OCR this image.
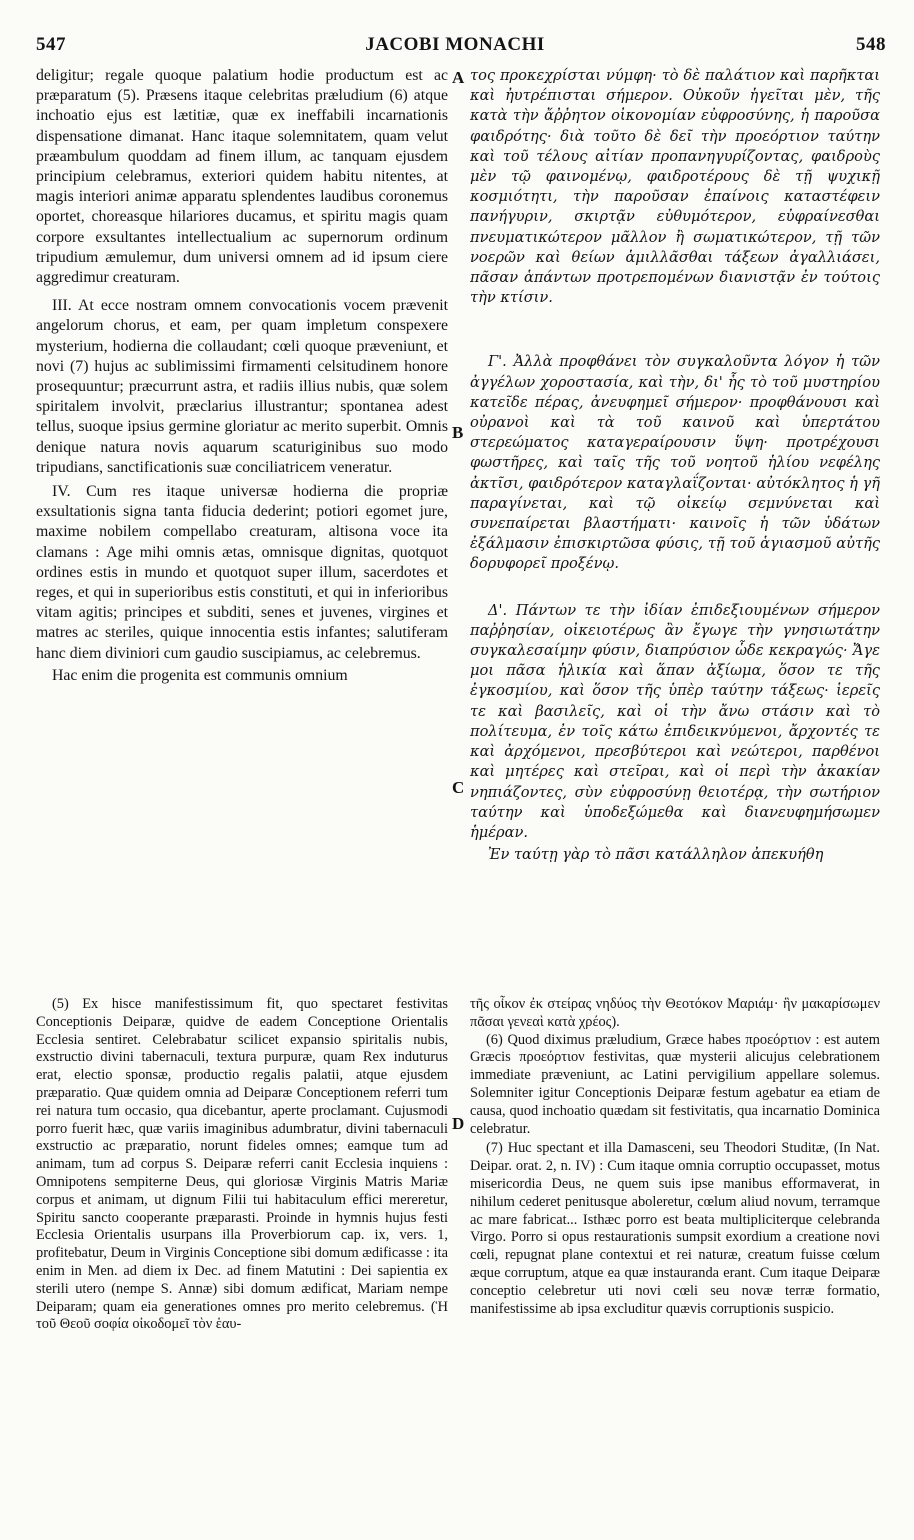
547	JACOBI MONACHI	548
A
B
C
D

deligitur; regale quoque palatium hodie productum est ac præparatum (5). Præsens itaque celebritas præludium (6) atque inchoatio ejus est lætitiæ, quæ ex ineffabili incarnationis dispensatione dimanat. Hanc itaque solemnitatem, quam velut præambulum quoddam ad finem illum, ac tanquam ejusdem principium celebramus, exteriori quidem habitu nitentes, at magis interiori animæ apparatu splendentes laudibus coronemus oportet, choreasque hilariores ducamus, et spiritu magis quam corpore exsultantes intellectualium ac supernorum ordinum tripudium æmulemur, dum universi omnem ad id ipsum ciere aggredimur creaturam.

III. At ecce nostram omnem convocationis vocem prævenit angelorum chorus, et eam, per quam impletum conspexere mysterium, hodierna die collaudant; cœli quoque præveniunt, et novi (7) hujus ac sublimissimi firmamenti celsitudinem honore prosequuntur; præcurrunt astra, et radiis illius nubis, quæ solem spiritalem involvit, præclarius illustrantur; spontanea adest tellus, suoque ipsius germine gloriatur ac merito superbit. Omnis denique natura novis aquarum scaturiginibus suo modo tripudians, sanctificationis suæ conciliatricem veneratur.

IV. Cum res itaque universæ hodierna die propriæ exsultationis signa tanta fiducia dederint; potiori egomet jure, maxime nobilem compellabo creaturam, altisona voce ita clamans : Age mihi omnis ætas, omnisque dignitas, quotquot ordines estis in mundo et quotquot super illum, sacerdotes et reges, et qui in superioribus estis constituti, et qui in inferioribus vitam agitis; principes et subditi, senes et juvenes, virgines et matres ac steriles, quique innocentia estis infantes; salutiferam hanc diem diviniori cum gaudio suscipiamus, ac celebremus.

Hac enim die progenita est communis omnium

τος προκεχρίσται νύμφη· τὸ δὲ παλάτιον καὶ παρῆκται καὶ ἠυτρέπισται σήμερον. Οὐκοῦν ἡγεῖται μὲν, τῆς κατὰ τὴν ἄῤῥητον οἰκονομίαν εὐφροσύνης, ἡ παροῦσα φαιδρότης· διὰ τοῦτο δὲ δεῖ τὴν προεόρτιον ταύτην καὶ τοῦ τέλους αἰτίαν προπανηγυρίζοντας, φαιδροὺς μὲν τῷ φαινομένῳ, φαιδροτέρους δὲ τῇ ψυχικῇ κοσμιότητι, τὴν παροῦσαν ἐπαίνοις καταστέφειν πανήγυριν, σκιρτᾷν εὐθυμότερον, εὐφραίνεσθαι πνευματικώτερον μᾶλλον ἢ σωματικώτερον, τῇ τῶν νοερῶν καὶ θείων ἁμιλλᾶσθαι τάξεων ἀγαλλιάσει, πᾶσαν ἁπάντων προτρεπομένων διανιστᾷν ἐν τούτοις τὴν κτίσιν.

Γ'. Ἀλλὰ προφθάνει τὸν συγκαλοῦντα λόγον ἡ τῶν ἀγγέλων χοροστασία, καὶ τὴν, δι' ἧς τὸ τοῦ μυστηρίου κατεῖδε πέρας, ἀνευφημεῖ σήμερον· προφθάνουσι καὶ οὐρανοὶ καὶ τὰ τοῦ καινοῦ καὶ ὑπερτάτου στερεώματος καταγεραίρουσιν ὕψη· προτρέχουσι φωστῆρες, καὶ ταῖς τῆς τοῦ νοητοῦ ἡλίου νεφέλης ἀκτῖσι, φαιδρότερον καταγλαΐζονται· αὐτόκλητος ἡ γῆ παραγίνεται, καὶ τῷ οἰκείῳ σεμνύνεται καὶ συνεπαίρεται βλαστήματι· καινοῖς ἡ τῶν ὑδάτων ἐξάλμασιν ἐπισκιρτῶσα φύσις, τῇ τοῦ ἁγιασμοῦ αὐτῆς δορυφορεῖ προξένῳ.

Δ'. Πάντων τε τὴν ἰδίαν ἐπιδεξιουμένων σήμερον παῤῥησίαν, οἰκειοτέρως ἂν ἔγωγε τὴν γνησιωτάτην συγκαλεσαίμην φύσιν, διαπρύσιον ὧδε κεκραγώς· Ἄγε μοι πᾶσα ἡλικία καὶ ἅπαν ἀξίωμα, ὅσον τε τῆς ἐγκοσμίου, καὶ ὅσον τῆς ὑπὲρ ταύτην τάξεως· ἱερεῖς τε καὶ βασιλεῖς, καὶ οἱ τὴν ἄνω στάσιν καὶ τὸ πολίτευμα, ἐν τοῖς κάτω ἐπιδεικνύμενοι, ἄρχοντές τε καὶ ἀρχόμενοι, πρεσβύτεροι καὶ νεώτεροι, παρθένοι καὶ μητέρες καὶ στεῖραι, καὶ οἱ περὶ τὴν ἀκακίαν νηπιάζοντες, σὺν εὐφροσύνῃ θειοτέρᾳ, τὴν σωτήριον ταύτην καὶ ὑποδεξώμεθα καὶ διανευφημήσωμεν ἡμέραν.

Ἐν ταύτῃ γὰρ τὸ πᾶσι κατάλληλον ἀπεκυήθη

(5) Ex hisce manifestissimum fit, quo spectaret festivitas Conceptionis Deiparæ, quidve de eadem Conceptione Orientalis Ecclesia sentiret. Celebrabatur scilicet expansio spiritalis nubis, exstructio divini tabernaculi, textura purpuræ, quam Rex induturus erat, electio sponsæ, productio regalis palatii, atque ejusdem præparatio. Quæ quidem omnia ad Deiparæ Conceptionem referri tum rei natura tum occasio, qua dicebantur, aperte proclamant. Cujusmodi porro fuerit hæc, quæ variis imaginibus adumbratur, divini tabernaculi exstructio ac præparatio, norunt fideles omnes; eamque tum ad animam, tum ad corpus S. Deiparæ referri canit Ecclesia inquiens : Omnipotens sempiterne Deus, qui gloriosæ Virginis Matris Mariæ corpus et animam, ut dignum Filii tui habitaculum effici mereretur, Spiritu sancto cooperante præparasti. Proinde in hymnis hujus festi Ecclesia Orientalis usurpans illa Proverbiorum cap. ix, vers. 1, profitebatur, Deum in Virginis Conceptione sibi domum ædificasse : ita enim in Men. ad diem ix Dec. ad finem Matutini : Dei sapientia ex sterili utero (nempe S. Annæ) sibi domum ædificat, Mariam nempe Deiparam; quam eia generationes omnes pro merito celebremus. (Ἡ τοῦ Θεοῦ σοφία οἰκοδομεῖ τὸν ἑαυ-

τῆς οἶκον ἐκ στείρας νηδύος τὴν Θεοτόκον Μαριάμ· ἣν μακαρίσωμεν πᾶσαι γενεαὶ κατὰ χρέος).

(6) Quod diximus præludium, Græce habes προεόρτιον : est autem Græcis προεόρτιον festivitas, quæ mysterii alicujus celebrationem immediate præveniunt, ac Latini pervigilium appellare solemus. Solemniter igitur Conceptionis Deiparæ festum agebatur ea etiam de causa, quod inchoatio quædam sit festivitatis, qua incarnatio Dominica celebratur.

(7) Huc spectant et illa Damasceni, seu Theodori Studitæ, (In Nat. Deipar. orat. 2, n. IV) : Cum itaque omnia corruptio occupasset, motus misericordia Deus, ne quem suis ipse manibus efformaverat, in nihilum cederet penitusque aboleretur, cœlum aliud novum, terramque ac mare fabricat... Isthæc porro est beata multipliciterque celebranda Virgo. Porro si opus restaurationis sumpsit exordium a creatione novi cœli, repugnat plane contextui et rei naturæ, creatum fuisse cœlum æque corruptum, atque ea quæ instauranda erant. Cum itaque Deiparæ conceptio celebretur uti novi cœli seu novæ terræ formatio, manifestissime ab ipsa excluditur quævis corruptionis suspicio.
